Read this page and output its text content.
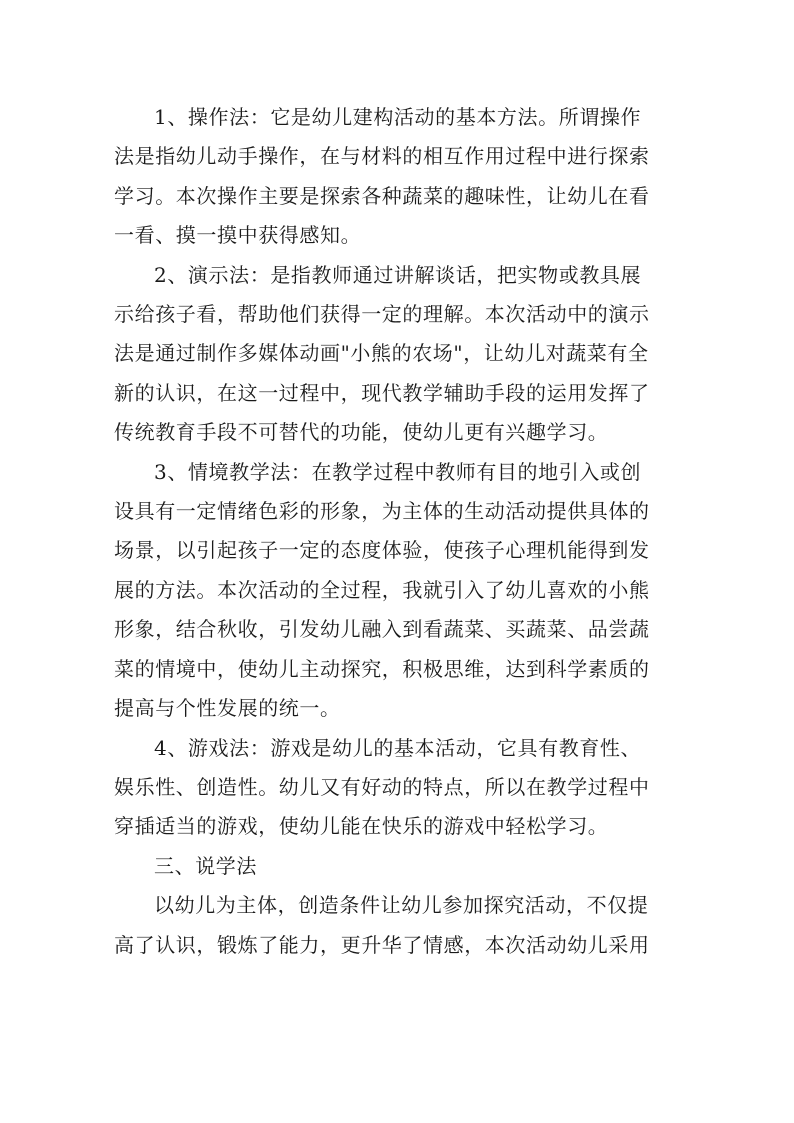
1、操作法：它是幼儿建构活动的基本方法。所谓操作
法是指幼儿动手操作，在与材料的相互作用过程中进行探索
学习。本次操作主要是探索各种蔬菜的趣味性，让幼儿在看
一看、摸一摸中获得感知。

2、演示法：是指教师通过讲解谈话，把实物或教具展
示给孩子看，帮助他们获得一定的理解。本次活动中的演示
法是通过制作多媒体动画"小熊的农场"，让幼儿对蔬菜有全
新的认识，在这一过程中，现代教学辅助手段的运用发挥了
传统教育手段不可替代的功能，使幼儿更有兴趣学习。

3、情境教学法：在教学过程中教师有目的地引入或创
设具有一定情绪色彩的形象，为主体的生动活动提供具体的
场景，以引起孩子一定的态度体验，使孩子心理机能得到发
展的方法。本次活动的全过程，我就引入了幼儿喜欢的小熊
形象，结合秋收，引发幼儿融入到看蔬菜、买蔬菜、品尝蔬
菜的情境中，使幼儿主动探究，积极思维，达到科学素质的
提高与个性发展的统一。

4、游戏法：游戏是幼儿的基本活动，它具有教育性、
娱乐性、创造性。幼儿又有好动的特点，所以在教学过程中
穿插适当的游戏，使幼儿能在快乐的游戏中轻松学习。

三、说学法

以幼儿为主体，创造条件让幼儿参加探究活动，不仅提
高了认识，锻炼了能力，更升华了情感，本次活动幼儿采用
